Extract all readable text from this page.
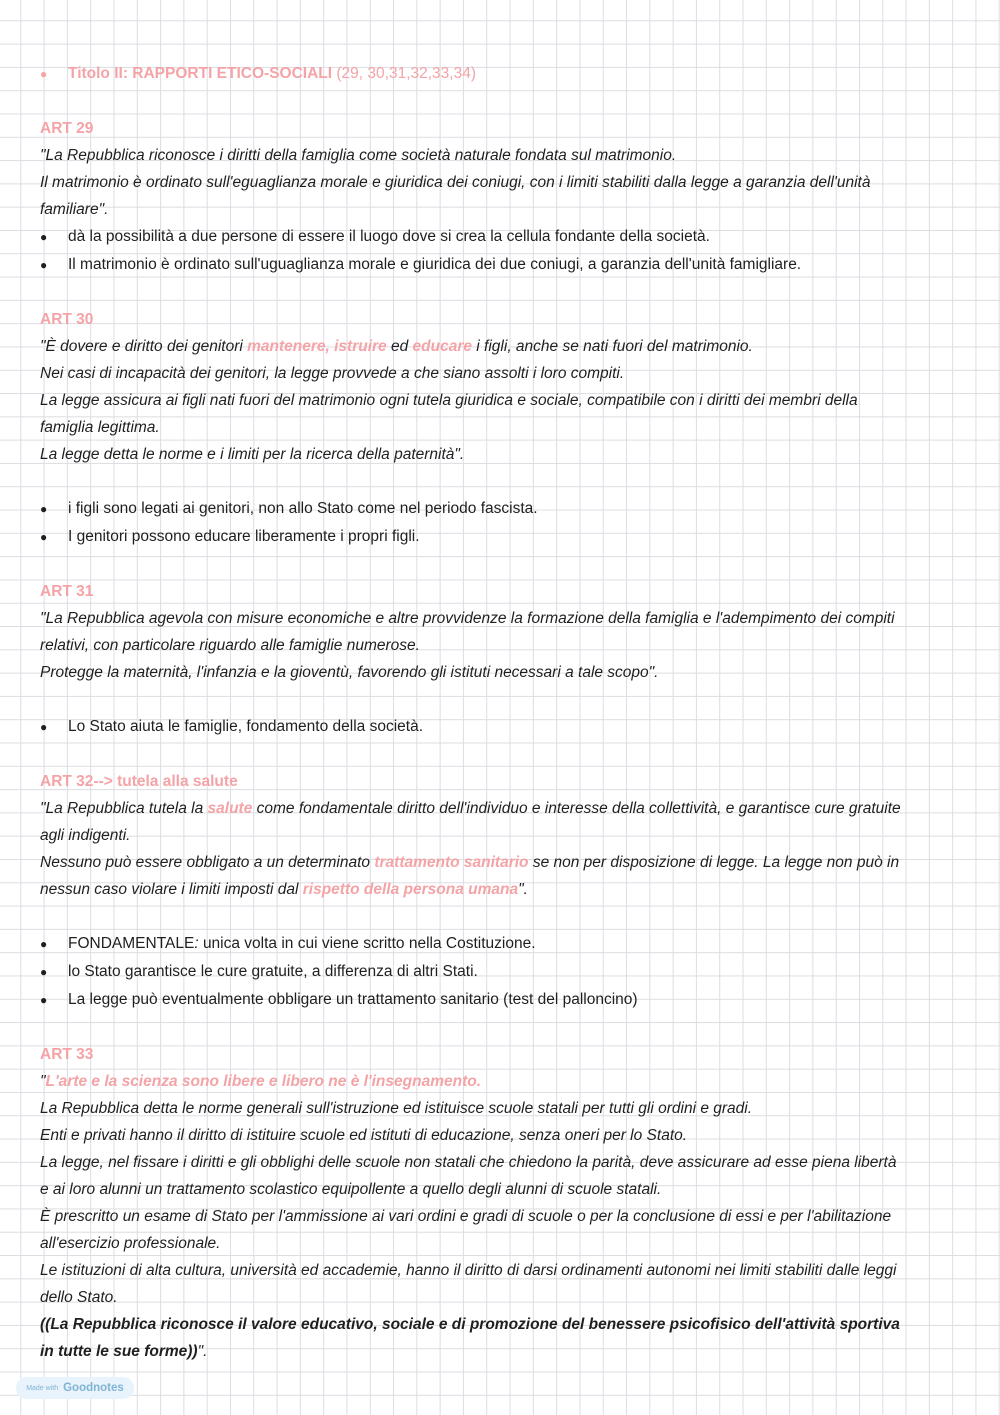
●	Titolo II: RAPPORTI ETICO-SOCIALI (29, 30,31,32,33,34)
ART 29
"La Repubblica riconosce i diritti della famiglia come società naturale fondata sul matrimonio.
Il matrimonio è ordinato sull'eguaglianza morale e giuridica dei coniugi, con i limiti stabiliti dalla legge a garanzia dell'unità
familiare".
●	dà la possibilità a due persone di essere il luogo dove si crea la cellula fondante della società.
●	Il matrimonio è ordinato sull'uguaglianza morale e giuridica dei due coniugi, a garanzia dell'unità famigliare.
ART 30
"È dovere e diritto dei genitori mantenere, istruire ed educare i figli, anche se nati fuori del matrimonio.
Nei casi di incapacità dei genitori, la legge provvede a che siano assolti i loro compiti.
La legge assicura ai figli nati fuori del matrimonio ogni tutela giuridica e sociale, compatibile con i diritti dei membri della
famiglia legittima.
La legge detta le norme e i limiti per la ricerca della paternità".
●	i figli sono legati ai genitori, non allo Stato come nel periodo fascista.
●	I genitori possono educare liberamente i propri figli.
ART 31
"La Repubblica agevola con misure economiche e altre provvidenze la formazione della famiglia e l'adempimento dei compiti
relativi, con particolare riguardo alle famiglie numerose.
Protegge la maternità, l'infanzia e la gioventù, favorendo gli istituti necessari a tale scopo".
●	Lo Stato aiuta le famiglie, fondamento della società.
ART 32--> tutela alla salute
"La Repubblica tutela la salute come fondamentale diritto dell'individuo e interesse della collettività, e garantisce cure gratuite
agli indigenti.
Nessuno può essere obbligato a un determinato trattamento sanitario se non per disposizione di legge. La legge non può in
nessun caso violare i limiti imposti dal rispetto della persona umana".
●	FONDAMENTALE: unica volta in cui viene scritto nella Costituzione.
●	lo Stato garantisce le cure gratuite, a differenza di altri Stati.
●	La legge può eventualmente obbligare un trattamento sanitario (test del palloncino)
ART 33
"L'arte e la scienza sono libere e libero ne è l'insegnamento.
La Repubblica detta le norme generali sull'istruzione ed istituisce scuole statali per tutti gli ordini e gradi.
Enti e privati hanno il diritto di istituire scuole ed istituti di educazione, senza oneri per lo Stato.
La legge, nel fissare i diritti e gli obblighi delle scuole non statali che chiedono la parità, deve assicurare ad esse piena libertà
e ai loro alunni un trattamento scolastico equipollente a quello degli alunni di scuole statali.
È prescritto un esame di Stato per l'ammissione ai vari ordini e gradi di scuole o per la conclusione di essi e per l'abilitazione
all'esercizio professionale.
Le istituzioni di alta cultura, università ed accademie, hanno il diritto di darsi ordinamenti autonomi nei limiti stabiliti dalle leggi
dello Stato.
((La Repubblica riconosce il valore educativo, sociale e di promozione del benessere psicofisico dell'attività sportiva
in tutte le sue forme))".
Made with Goodnotes
